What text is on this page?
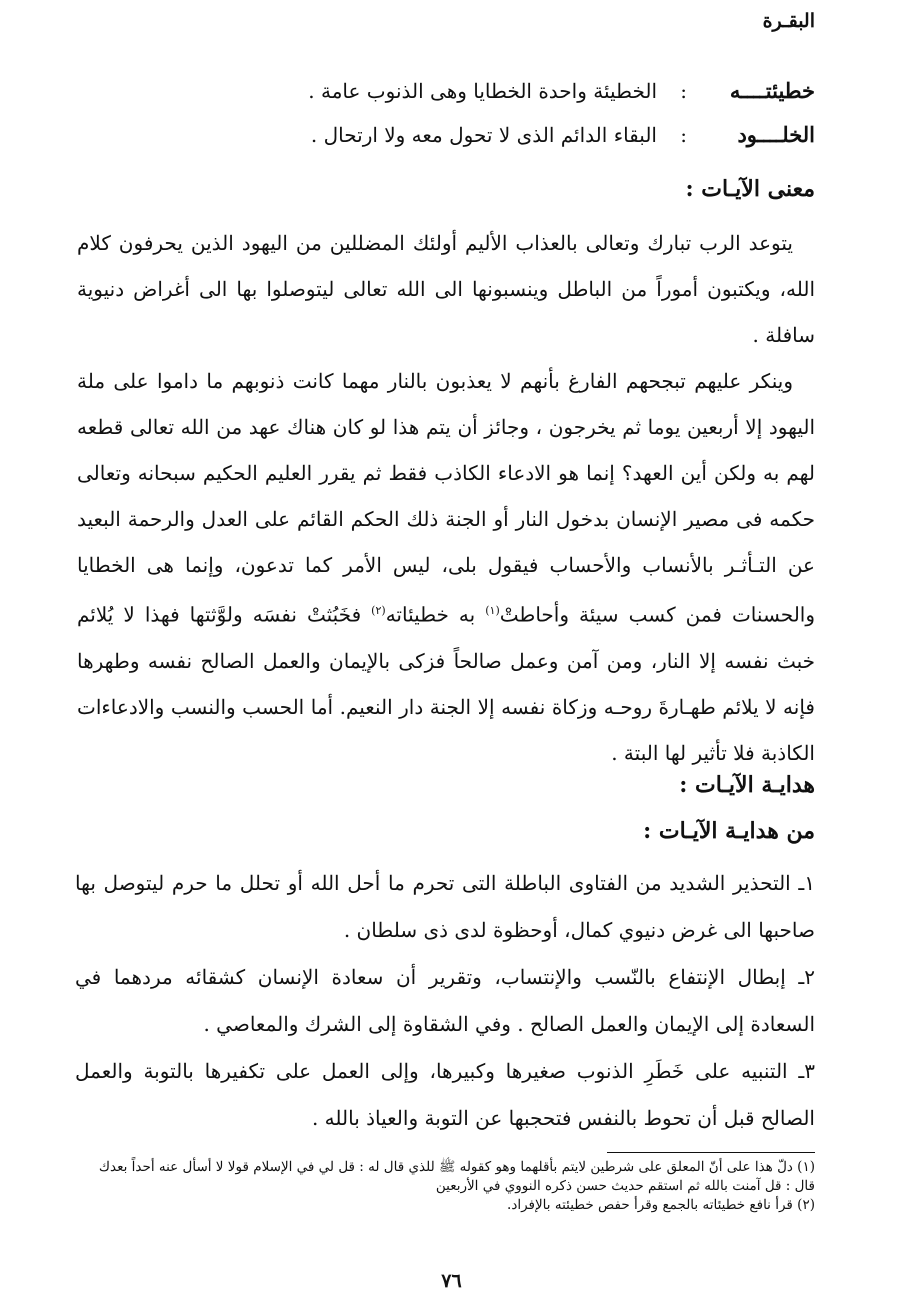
البقـرة
خطيئتــــه
:
الخطيئة واحدة الخطايا وهى الذنوب عامة .
الخلــــود
:
البقاء الدائم الذى لا تحول معه ولا ارتحال .
معنى الآيـات :

يتوعد الرب تبارك وتعالى بالعذاب الأليم أولئك المضللين من اليهود الذين يحرفون كلام الله، ويكتبون أموراً من الباطل وينسبونها الى الله تعالى ليتوصلوا بها الى أغراض دنيوية سافلة .

وينكر عليهم تبجحهم الفارغ بأنهم لا يعذبون بالنار مهما كانت ذنوبهم ما داموا على ملة اليهود إلا أربعين يوما ثم يخرجون ، وجائز أن يتم هذا لو كان هناك عهد من الله تعالى قطعه لهم به ولكن أين العهد؟ إنما هو الادعاء الكاذب فقط ثم يقرر العليم الحكيم سبحانه وتعالى حكمه فى مصير الإنسان بدخول النار أو الجنة ذلك الحكم القائم على العدل والرحمة البعيد عن التـأثـر بالأنساب والأحساب فيقول بلى، ليس الأمر كما تدعون، وإنما هى الخطايا والحسنات فمن كسب سيئة وأحاطتْ$^{(١)}$ به خطيئاته$^{(٢)}$ فخَبُثتْ نفسَه ولوَّثتها فهذا لا يُلائم خبث نفسه إلا النار، ومن آمن وعمل صالحاً فزكى بالإيمان والعمل الصالح نفسه وطهرها فإنه لا يلائم طهـارةَ روحـه وزكاة نفسه إلا الجنة دار النعيم. أما الحسب والنسب والادعاءات الكاذبة فلا تأثير لها البتة .

هدايـة الآيـات :
من هدايـة الآيـات :

١ـ التحذير الشديد من الفتاوى الباطلة التى تحرم ما أحل الله أو تحلل ما حرم ليتوصل بها صاحبها الى غرض دنيوي كمال، أوحظوة لدى ذى سلطان .

٢ـ إبطال الإنتفاع بالنّسب والإنتساب، وتقرير أن سعادة الإنسان كشقائه مردهما في السعادة إلى الإيمان والعمل الصالح . وفي الشقاوة إلى الشرك والمعاصي .

٣ـ التنبيه على خَطَرِ الذنوب صغيرها وكبيرها، وإلى العمل على تكفيرها بالتوبة والعمل الصالح قبل أن تحوط بالنفس فتحجبها عن التوبة والعياذ بالله .

(١) دلّ هذا على أنّ المعلق على شرطين لايتم بأقلهما وهو كقوله ﷺ للذي قال له : قل لي في الإسلام قولا لا أسأل عنه أحداً بعدك قال : قل آمنت بالله ثم استقم حديث حسن ذكره النووي في الأربعين

(٢) قرأ نافع خطيئاته بالجمع وقرأ حفص خطيئته بالإفراد.

٧٦
